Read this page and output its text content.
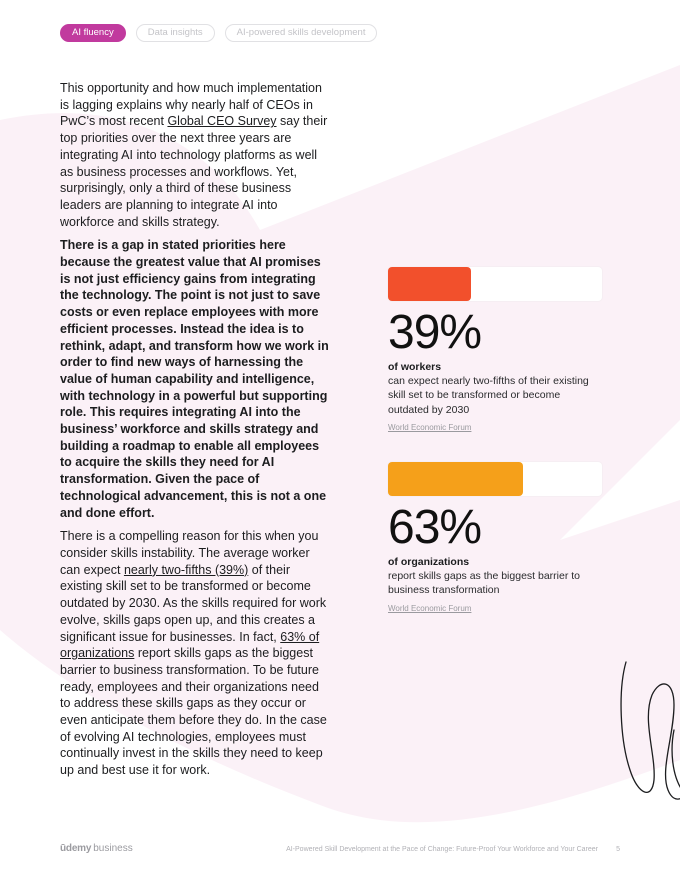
AI fluency	Data insights	AI-powered skills development

This opportunity and how much implementation is lagging explains why nearly half of CEOs in PwC’s most recent Global CEO Survey say their top priorities over the next three years are integrating AI into technology platforms as well as business processes and workflows. Yet, surprisingly, only a third of these business leaders are planning to integrate AI into workforce and skills strategy.

There is a gap in stated priorities here because the greatest value that AI promises is not just efficiency gains from integrating the technology. The point is not just to save costs or even replace employees with more efficient processes. Instead the idea is to rethink, adapt, and transform how we work in order to find new ways of harnessing the value of human capability and intelligence, with technology in a powerful but supporting role. This requires integrating AI into the business’ workforce and skills strategy and building a roadmap to enable all employees to acquire the skills they need for AI transformation. Given the pace of technological advancement, this is not a one and done effort.

There is a compelling reason for this when you consider skills instability. The average worker can expect nearly two-fifths (39%) of their existing skill set to be transformed or become outdated by 2030. As the skills required for work evolve, skills gaps open up, and this creates a significant issue for businesses. In fact, 63% of organizations report skills gaps as the biggest barrier to business transformation. To be future ready, employees and their organizations need to address these skills gaps as they occur or even anticipate them before they do. In the case of evolving AI technologies, employees must continually invest in the skills they need to keep up and best use it for work.

39%
of workers
can expect nearly two-fifths of their existing skill set to be transformed or become outdated by 2030
World Economic Forum
63%
of organizations
report skills gaps as the biggest barrier to business transformation
World Economic Forum
ūdemy business	AI-Powered Skill Development at the Pace of Change: Future-Proof Your Workforce and Your Career	5
